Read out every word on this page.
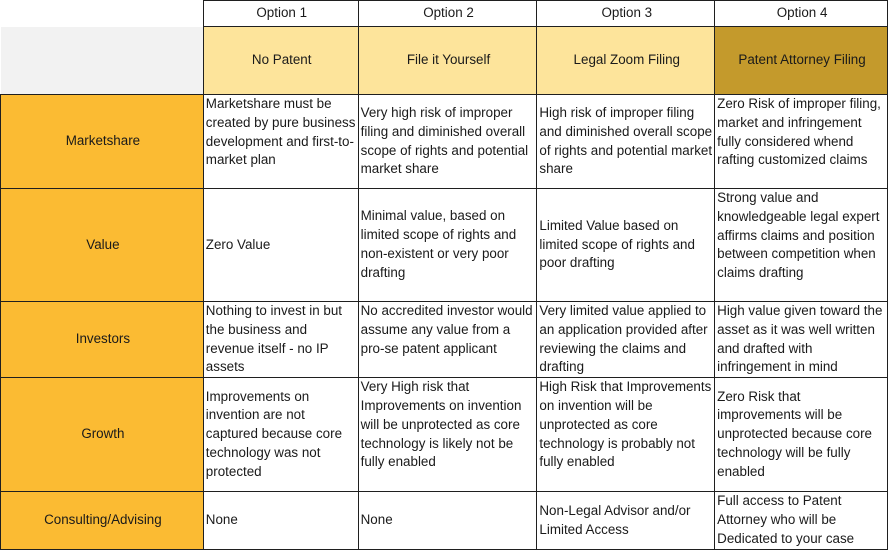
	Option 1	Option 2	Option 3	Option 4
	No Patent	File it Yourself	Legal Zoom Filing	Patent Attorney Filing
Marketshare	Marketshare must be created by pure business development and first-to-market plan	Very high risk of improper filing and diminished overall scope of rights and potential market share	High risk of improper filing and diminished overall scope of rights and potential market share	Zero Risk of improper filing, market and infringement fully considered whend rafting customized claims
Value	Zero Value	Minimal value, based on limited scope of rights and non-existent or very poor drafting	Limited Value based on limited scope of rights and poor drafting	Strong value and knowledgeable legal expert affirms claims and position between competition when claims drafting
Investors	Nothing to invest in but the business and revenue itself - no IP assets	No accredited investor would assume any value from a pro-se patent applicant	Very limited value applied to an application provided after reviewing the claims and drafting	High value given toward the asset as it was well written and drafted with infringement in mind
Growth	Improvements on invention are not captured because core technology was not protected	Very High risk that Improvements on invention will be unprotected as core technology is likely not be fully enabled	High Risk that Improvements on invention will be unprotected as core technology is probably not fully enabled	Zero Risk that improvements will be unprotected because core technology will be fully enabled
Consulting/Advising	None	None	Non-Legal Advisor and/or Limited Access	Full access to Patent Attorney who will be Dedicated to your case
